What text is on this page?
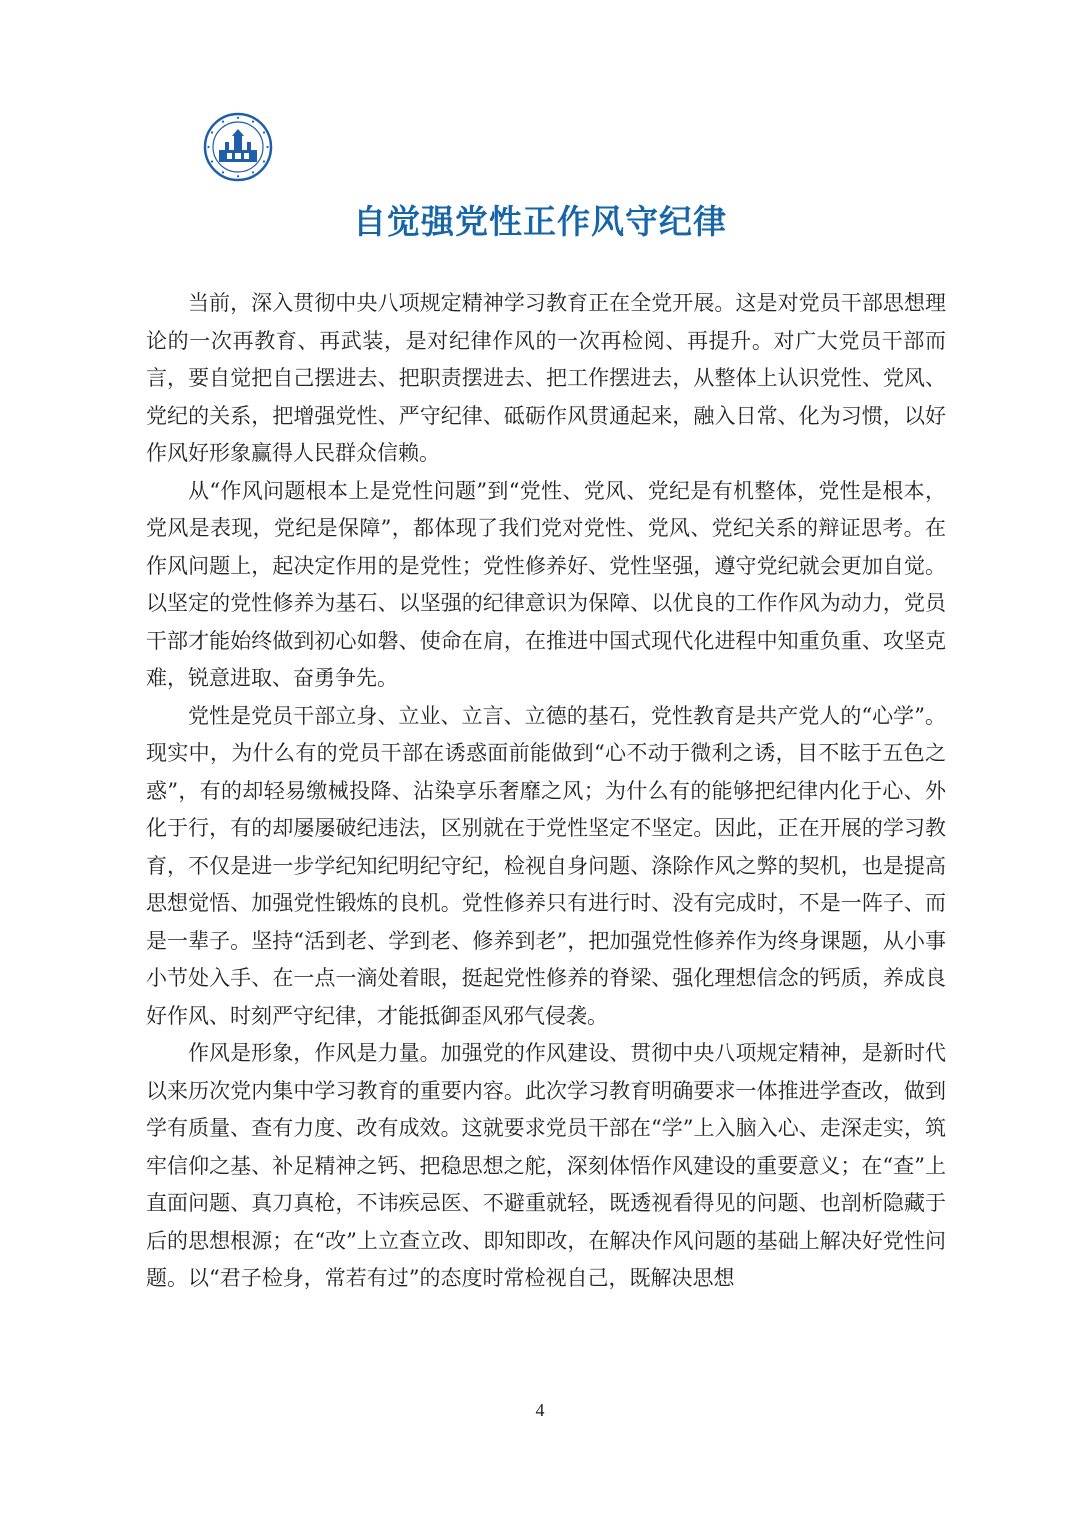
自觉强党性正作风守纪律

当前，深入贯彻中央八项规定精神学习教育正在全党开展。这是对党员干部思想理论的一次再教育、再武装，是对纪律作风的一次再检阅、再提升。对广大党员干部而言，要自觉把自己摆进去、把职责摆进去、把工作摆进去，从整体上认识党性、党风、党纪的关系，把增强党性、严守纪律、砥砺作风贯通起来，融入日常、化为习惯，以好作风好形象赢得人民群众信赖。

从“作风问题根本上是党性问题”到“党性、党风、党纪是有机整体，党性是根本，党风是表现，党纪是保障”，都体现了我们党对党性、党风、党纪关系的辩证思考。在作风问题上，起决定作用的是党性；党性修养好、党性坚强，遵守党纪就会更加自觉。以坚定的党性修养为基石、以坚强的纪律意识为保障、以优良的工作作风为动力，党员干部才能始终做到初心如磐、使命在肩，在推进中国式现代化进程中知重负重、攻坚克难，锐意进取、奋勇争先。

党性是党员干部立身、立业、立言、立德的基石，党性教育是共产党人的“心学”。现实中，为什么有的党员干部在诱惑面前能做到“心不动于微利之诱，目不眩于五色之惑”，有的却轻易缴械投降、沾染享乐奢靡之风；为什么有的能够把纪律内化于心、外化于行，有的却屡屡破纪违法，区别就在于党性坚定不坚定。因此，正在开展的学习教育，不仅是进一步学纪知纪明纪守纪，检视自身问题、涤除作风之弊的契机，也是提高思想觉悟、加强党性锻炼的良机。党性修养只有进行时、没有完成时，不是一阵子、而是一辈子。坚持“活到老、学到老、修养到老”，把加强党性修养作为终身课题，从小事小节处入手、在一点一滴处着眼，挺起党性修养的脊梁、强化理想信念的钙质，养成良好作风、时刻严守纪律，才能抵御歪风邪气侵袭。

作风是形象，作风是力量。加强党的作风建设、贯彻中央八项规定精神，是新时代以来历次党内集中学习教育的重要内容。此次学习教育明确要求一体推进学查改，做到学有质量、查有力度、改有成效。这就要求党员干部在“学”上入脑入心、走深走实，筑牢信仰之基、补足精神之钙、把稳思想之舵，深刻体悟作风建设的重要意义；在“查”上直面问题、真刀真枪，不讳疾忌医、不避重就轻，既透视看得见的问题、也剖析隐藏于后的思想根源；在“改”上立查立改、即知即改，在解决作风问题的基础上解决好党性问题。以“君子检身，常若有过”的态度时常检视自己，既解决思想

4
